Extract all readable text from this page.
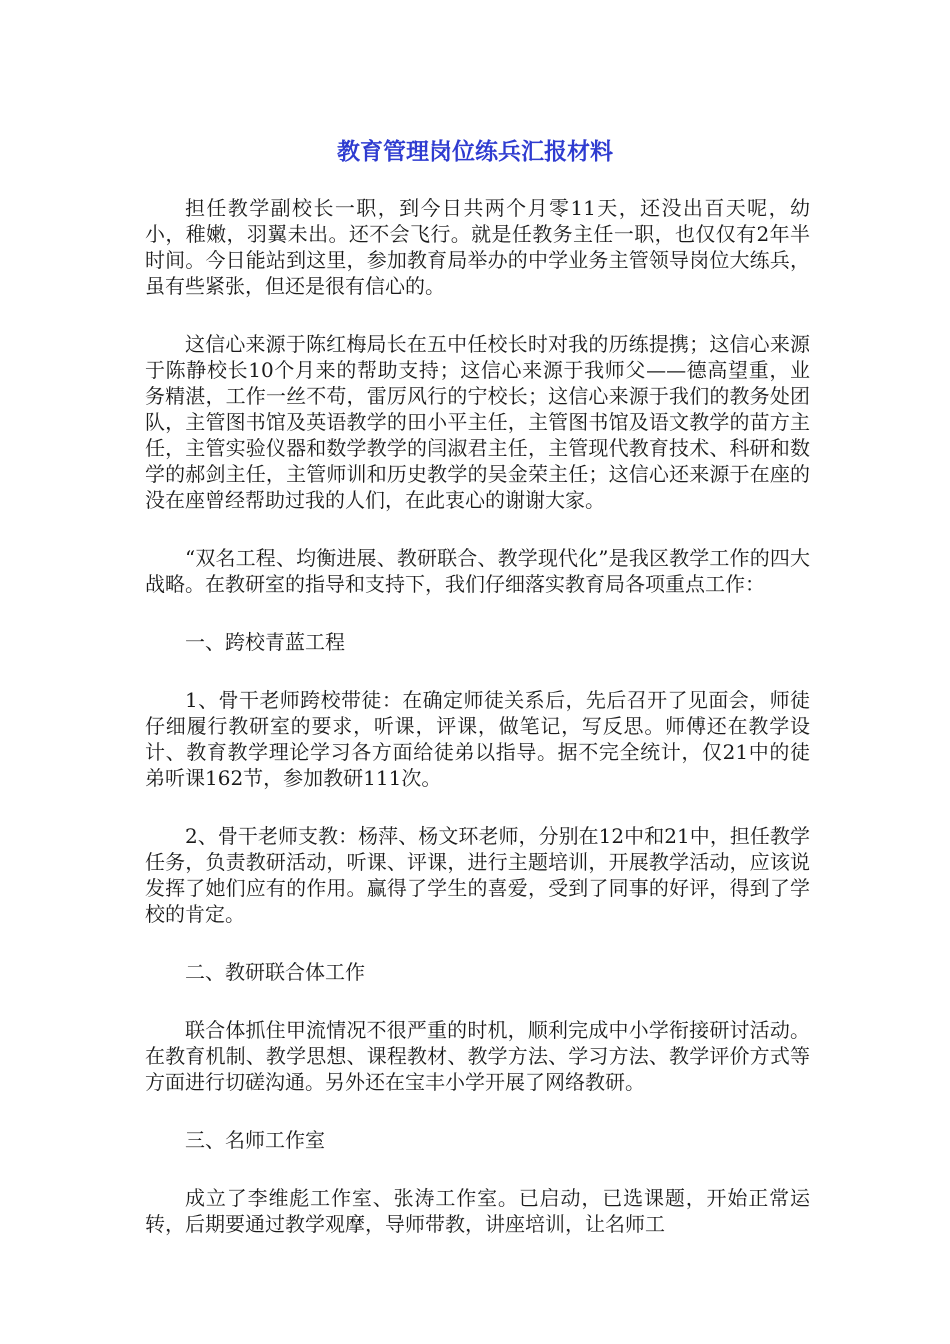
教育管理岗位练兵汇报材料

担任教学副校长一职，到今日共两个月零11天，还没出百天呢，幼小，稚嫩，羽翼未出。还不会飞行。就是任教务主任一职，也仅仅有2年半时间。今日能站到这里，参加教育局举办的中学业务主管领导岗位大练兵，虽有些紧张，但还是很有信心的。

这信心来源于陈红梅局长在五中任校长时对我的历练提携；这信心来源于陈静校长10个月来的帮助支持；这信心来源于我师父——德高望重，业务精湛，工作一丝不苟，雷厉风行的宁校长；这信心来源于我们的教务处团队，主管图书馆及英语教学的田小平主任，主管图书馆及语文教学的苗方主任，主管实验仪器和数学教学的闫淑君主任，主管现代教育技术、科研和数学的郝剑主任，主管师训和历史教学的吴金荣主任；这信心还来源于在座的没在座曾经帮助过我的人们，在此衷心的谢谢大家。

“双名工程、均衡进展、教研联合、教学现代化”是我区教学工作的四大战略。在教研室的指导和支持下，我们仔细落实教育局各项重点工作：

一、跨校青蓝工程

1、骨干老师跨校带徒：在确定师徒关系后，先后召开了见面会，师徒仔细履行教研室的要求，听课，评课，做笔记，写反思。师傅还在教学设计、教育教学理论学习各方面给徒弟以指导。据不完全统计，仅21中的徒弟听课162节，参加教研111次。

2、骨干老师支教：杨萍、杨文环老师，分别在12中和21中，担任教学任务，负责教研活动，听课、评课，进行主题培训，开展教学活动，应该说发挥了她们应有的作用。赢得了学生的喜爱，受到了同事的好评，得到了学校的肯定。

二、教研联合体工作

联合体抓住甲流情况不很严重的时机，顺利完成中小学衔接研讨活动。在教育机制、教学思想、课程教材、教学方法、学习方法、教学评价方式等方面进行切磋沟通。另外还在宝丰小学开展了网络教研。

三、名师工作室

成立了李维彪工作室、张涛工作室。已启动，已选课题，开始正常运转，后期要通过教学观摩，导师带教，讲座培训，让名师工
